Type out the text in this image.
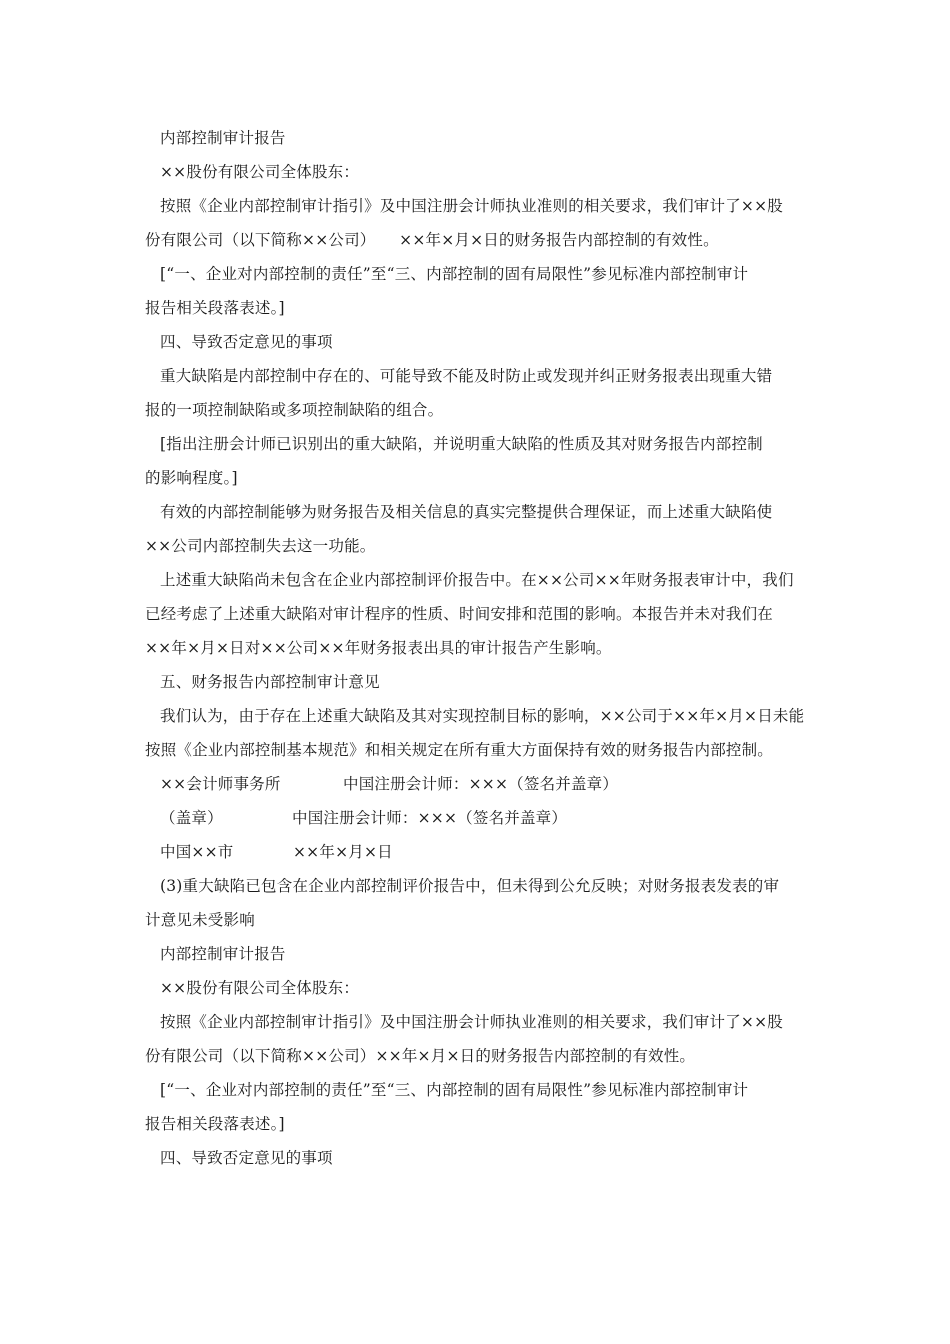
内部控制审计报告
××股份有限公司全体股东：
按照《企业内部控制审计指引》及中国注册会计师执业准则的相关要求，我们审计了××股
份有限公司（以下简称××公司）　　××年×月×日的财务报告内部控制的有效性。
[“一、企业对内部控制的责任”至“三、内部控制的固有局限性”参见标准内部控制审计
报告相关段落表述。]
四、导致否定意见的事项
重大缺陷是内部控制中存在的、可能导致不能及时防止或发现并纠正财务报表出现重大错
报的一项控制缺陷或多项控制缺陷的组合。
[指出注册会计师已识别出的重大缺陷，并说明重大缺陷的性质及其对财务报告内部控制
的影响程度。]
有效的内部控制能够为财务报告及相关信息的真实完整提供合理保证，而上述重大缺陷使
××公司内部控制失去这一功能。
上述重大缺陷尚未包含在企业内部控制评价报告中。在××公司××年财务报表审计中，我们
已经考虑了上述重大缺陷对审计程序的性质、时间安排和范围的影响。本报告并未对我们在
××年×月×日对××公司××年财务报表出具的审计报告产生影响。
五、财务报告内部控制审计意见
我们认为，由于存在上述重大缺陷及其对实现控制目标的影响，××公司于××年×月×日未能
按照《企业内部控制基本规范》和相关规定在所有重大方面保持有效的财务报告内部控制。
××会计师事务所	中国注册会计师：×××（签名并盖章）
（盖章）	中国注册会计师：×××（签名并盖章）
中国××市	××年×月×日
(3)重大缺陷已包含在企业内部控制评价报告中，但未得到公允反映；对财务报表发表的审
计意见未受影响
内部控制审计报告
××股份有限公司全体股东：
按照《企业内部控制审计指引》及中国注册会计师执业准则的相关要求，我们审计了××股
份有限公司（以下简称××公司）××年×月×日的财务报告内部控制的有效性。
[“一、企业对内部控制的责任”至“三、内部控制的固有局限性”参见标准内部控制审计
报告相关段落表述。]
四、导致否定意见的事项
